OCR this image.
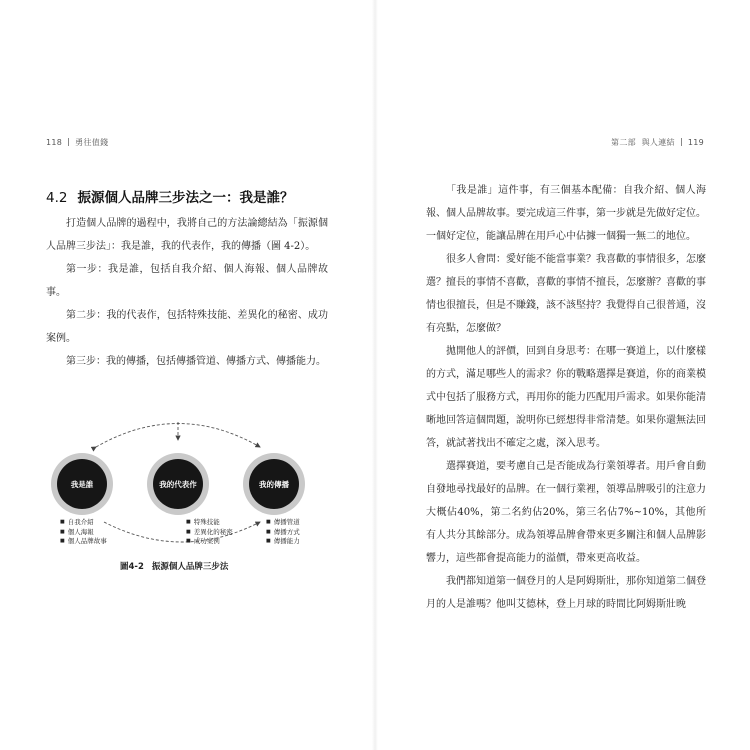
118 勇往值錢
4.2 振源個人品牌三步法之一：我是誰？

打造個人品牌的過程中，我將自己的方法論總結為「振源個人品牌三步法」：我是誰，我的代表作，我的傳播（圖 4-2）。

第一步：我是誰，包括自我介紹、個人海報、個人品牌故事。

第二步：我的代表作，包括特殊技能、差異化的秘密、成功案例。

第三步：我的傳播，包括傳播管道、傳播方式、傳播能力。

我是誰	我的代表作	我的傳播
■ 自我介紹
■ 個人海報
■ 個人品牌故事
■ 特殊技能
■ 差異化的秘密
■ 成功案例
■ 傳播管道
■ 傳播方式
■ 傳播能力
圖4-2 振源個人品牌三步法
第二部 與人連結 119

「我是誰」這件事，有三個基本配備：自我介紹、個人海報、個人品牌故事。要完成這三件事，第一步就是先做好定位。一個好定位，能讓品牌在用戶心中佔據一個獨一無二的地位。

很多人會問：愛好能不能當事業？我喜歡的事情很多，怎麼選？擅長的事情不喜歡，喜歡的事情不擅長，怎麼辦？喜歡的事情也很擅長，但是不賺錢，該不該堅持？我覺得自己很普通，沒有亮點，怎麼做？

拋開他人的評價，回到自身思考：在哪一賽道上，以什麼樣的方式，滿足哪些人的需求？你的戰略選擇是賽道，你的商業模式中包括了服務方式，再用你的能力匹配用戶需求。如果你能清晰地回答這個問題，說明你已經想得非常清楚。如果你還無法回答，就試著找出不確定之處，深入思考。

選擇賽道，要考慮自己是否能成為行業領導者。用戶會自動自發地尋找最好的品牌。在一個行業裡，領導品牌吸引的注意力大概佔40%，第二名約佔20%，第三名佔7%~10%，其他所有人共分其餘部分。成為領導品牌會帶來更多關注和個人品牌影響力，這些都會提高能力的溢價，帶來更高收益。

我們都知道第一個登月的人是阿姆斯壯，那你知道第二個登月的人是誰嗎？他叫艾德林，登上月球的時間比阿姆斯壯晚
